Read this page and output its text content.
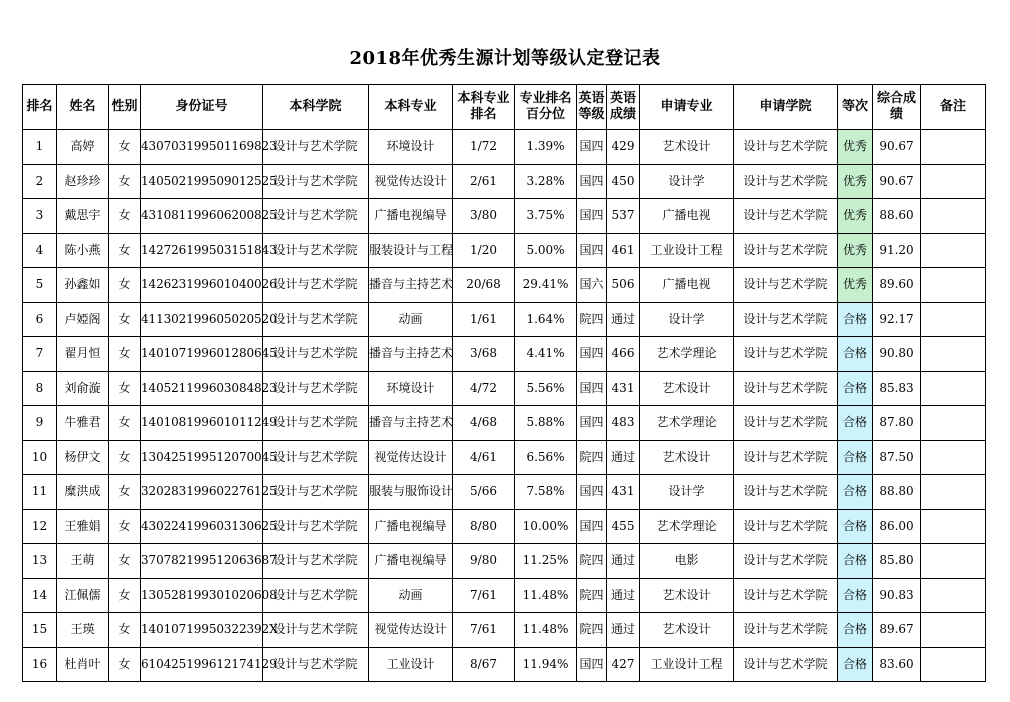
2018年优秀生源计划等级认定登记表
排名	姓名	性别	身份证号	本科学院	本科专业	本科专业排名	专业排名百分位	英语等级	英语成绩	申请专业	申请学院	等次	综合成绩	备注
1	高婷	女	430703199501169823	设计与艺术学院	环境设计	1/72	1.39%	国四	429	艺术设计	设计与艺术学院	优秀	90.67	
2	赵珍珍	女	140502199509012525	设计与艺术学院	视觉传达设计	2/61	3.28%	国四	450	设计学	设计与艺术学院	优秀	90.67	
3	戴思宇	女	431081199606200825	设计与艺术学院	广播电视编导	3/80	3.75%	国四	537	广播电视	设计与艺术学院	优秀	88.60	
4	陈小燕	女	142726199503151843	设计与艺术学院	服装设计与工程	1/20	5.00%	国四	461	工业设计工程	设计与艺术学院	优秀	91.20	
5	孙鑫如	女	142623199601040026	设计与艺术学院	播音与主持艺术	20/68	29.41%	国六	506	广播电视	设计与艺术学院	优秀	89.60	
6	卢婭阁	女	411302199605020520	设计与艺术学院	动画	1/61	1.64%	院四	通过	设计学	设计与艺术学院	合格	92.17	
7	翟月恒	女	140107199601280645	设计与艺术学院	播音与主持艺术	3/68	4.41%	国四	466	艺术学理论	设计与艺术学院	合格	90.80	
8	刘俞漩	女	140521199603084823	设计与艺术学院	环境设计	4/72	5.56%	国四	431	艺术设计	设计与艺术学院	合格	85.83	
9	牛雅君	女	140108199601011249	设计与艺术学院	播音与主持艺术	4/68	5.88%	国四	483	艺术学理论	设计与艺术学院	合格	87.80	
10	杨伊文	女	130425199512070045	设计与艺术学院	视觉传达设计	4/61	6.56%	院四	通过	艺术设计	设计与艺术学院	合格	87.50	
11	糜洪成	女	320283199602276125	设计与艺术学院	服装与服饰设计	5/66	7.58%	国四	431	设计学	设计与艺术学院	合格	88.80	
12	王雅娟	女	430224199603130625	设计与艺术学院	广播电视编导	8/80	10.00%	国四	455	艺术学理论	设计与艺术学院	合格	86.00	
13	王萌	女	370782199512063687	设计与艺术学院	广播电视编导	9/80	11.25%	院四	通过	电影	设计与艺术学院	合格	85.80	
14	江佩儒	女	130528199301020608	设计与艺术学院	动画	7/61	11.48%	院四	通过	艺术设计	设计与艺术学院	合格	90.83	
15	王瑛	女	14010719950322392X	设计与艺术学院	视觉传达设计	7/61	11.48%	院四	通过	艺术设计	设计与艺术学院	合格	89.67	
16	杜肖叶	女	610425199612174129	设计与艺术学院	工业设计	8/67	11.94%	国四	427	工业设计工程	设计与艺术学院	合格	83.60	
